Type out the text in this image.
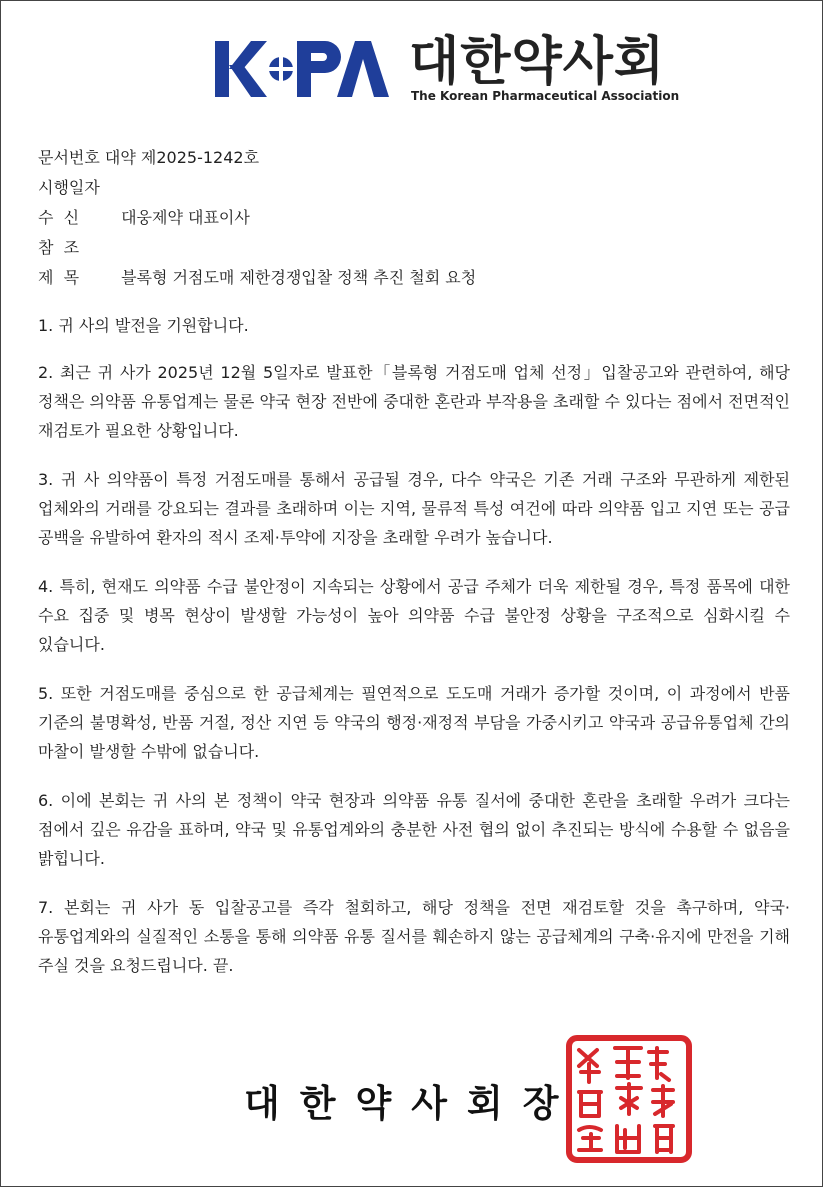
대한약사회
The Korean Pharmaceutical Association
문서번호 대약 제2025-1242호
시행일자
수  신	대웅제약 대표이사
참  조
제  목	블록형 거점도매 제한경쟁입찰 정책 추진 철회 요청

1. 귀 사의 발전을 기원합니다.

2. 최근 귀 사가 2025년 12월 5일자로 발표한「블록형 거점도매 업체 선정」입찰공고와 관련하여, 해당 정책은 의약품 유통업계는 물론 약국 현장 전반에 중대한 혼란과 부작용을 초래할 수 있다는 점에서 전면적인 재검토가 필요한 상황입니다.

3. 귀 사 의약품이 특정 거점도매를 통해서 공급될 경우, 다수 약국은 기존 거래 구조와 무관하게 제한된 업체와의 거래를 강요되는 결과를 초래하며 이는 지역, 물류적 특성 여건에 따라 의약품 입고 지연 또는 공급 공백을 유발하여 환자의 적시 조제·투약에 지장을 초래할 우려가 높습니다.

4. 특히, 현재도 의약품 수급 불안정이 지속되는 상황에서 공급 주체가 더욱 제한될 경우, 특정 품목에 대한 수요 집중 및 병목 현상이 발생할 가능성이 높아 의약품 수급 불안정 상황을 구조적으로 심화시킬 수 있습니다.

5. 또한 거점도매를 중심으로 한 공급체계는 필연적으로 도도매 거래가 증가할 것이며, 이 과정에서 반품 기준의 불명확성, 반품 거절, 정산 지연 등 약국의 행정·재정적 부담을 가중시키고 약국과 공급유통업체 간의 마찰이 발생할 수밖에 없습니다.

6. 이에 본회는 귀 사의 본 정책이 약국 현장과 의약품 유통 질서에 중대한 혼란을 초래할 우려가 크다는 점에서 깊은 유감을 표하며, 약국 및 유통업계와의 충분한 사전 협의 없이 추진되는 방식에 수용할 수 없음을 밝힙니다.

7. 본회는 귀 사가 동 입찰공고를 즉각 철회하고, 해당 정책을 전면 재검토할 것을 촉구하며, 약국·유통업계와의 실질적인 소통을 통해 의약품 유통 질서를 훼손하지 않는 공급체계의 구축·유지에 만전을 기해 주실 것을 요청드립니다. 끝.

대한약사회장
